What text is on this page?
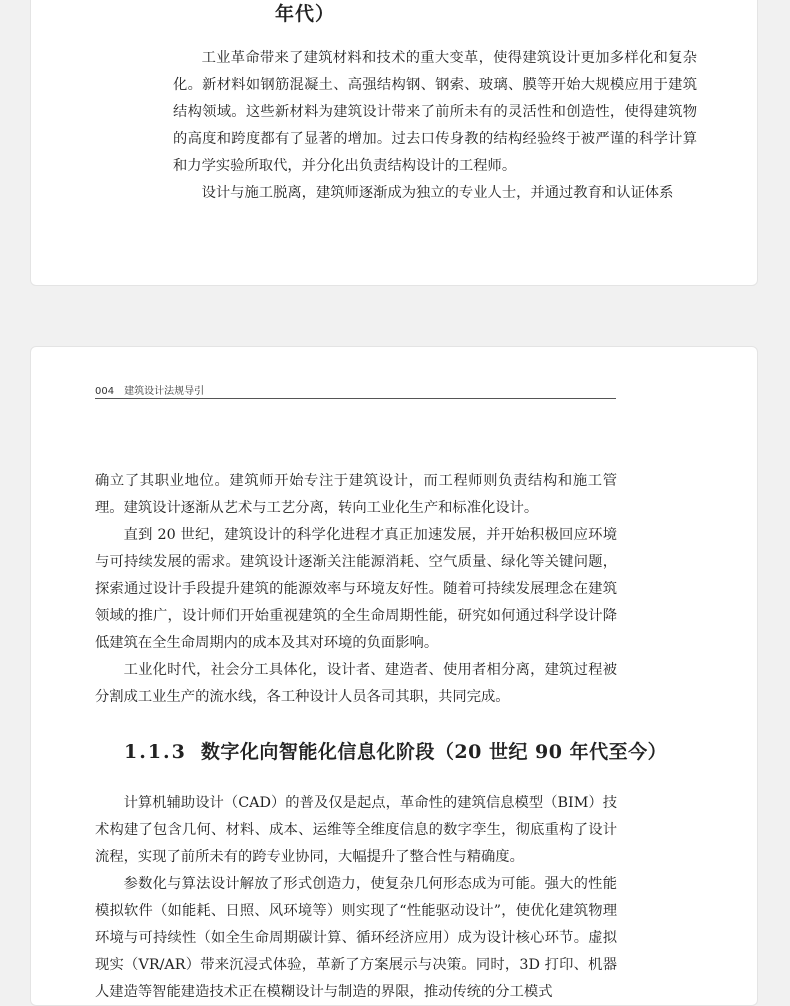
年代）

工业革命带来了建筑材料和技术的重大变革，使得建筑设计更加多样化和复杂化。新材料如钢筋混凝土、高强结构钢、钢索、玻璃、膜等开始大规模应用于建筑结构领域。这些新材料为建筑设计带来了前所未有的灵活性和创造性，使得建筑物的高度和跨度都有了显著的增加。过去口传身教的结构经验终于被严谨的科学计算和力学实验所取代，并分化出负责结构设计的工程师。

设计与施工脱离，建筑师逐渐成为独立的专业人士，并通过教育和认证体系

004 建筑设计法规导引

确立了其职业地位。建筑师开始专注于建筑设计，而工程师则负责结构和施工管理。建筑设计逐渐从艺术与工艺分离，转向工业化生产和标准化设计。

直到 20 世纪，建筑设计的科学化进程才真正加速发展，并开始积极回应环境与可持续发展的需求。建筑设计逐渐关注能源消耗、空气质量、绿化等关键问题，探索通过设计手段提升建筑的能源效率与环境友好性。随着可持续发展理念在建筑领域的推广，设计师们开始重视建筑的全生命周期性能，研究如何通过科学设计降低建筑在全生命周期内的成本及其对环境的负面影响。

工业化时代，社会分工具体化，设计者、建造者、使用者相分离，建筑过程被分割成工业生产的流水线，各工种设计人员各司其职，共同完成。

1.1.3 数字化向智能化信息化阶段（20 世纪 90 年代至今）

计算机辅助设计（CAD）的普及仅是起点，革命性的建筑信息模型（BIM）技术构建了包含几何、材料、成本、运维等全维度信息的数字孪生，彻底重构了设计流程，实现了前所未有的跨专业协同，大幅提升了整合性与精确度。

参数化与算法设计解放了形式创造力，使复杂几何形态成为可能。强大的性能模拟软件（如能耗、日照、风环境等）则实现了“性能驱动设计”，使优化建筑物理环境与可持续性（如全生命周期碳计算、循环经济应用）成为设计核心环节。虚拟现实（VR/AR）带来沉浸式体验，革新了方案展示与决策。同时，3D 打印、机器人建造等智能建造技术正在模糊设计与制造的界限，推动传统的分工模式
